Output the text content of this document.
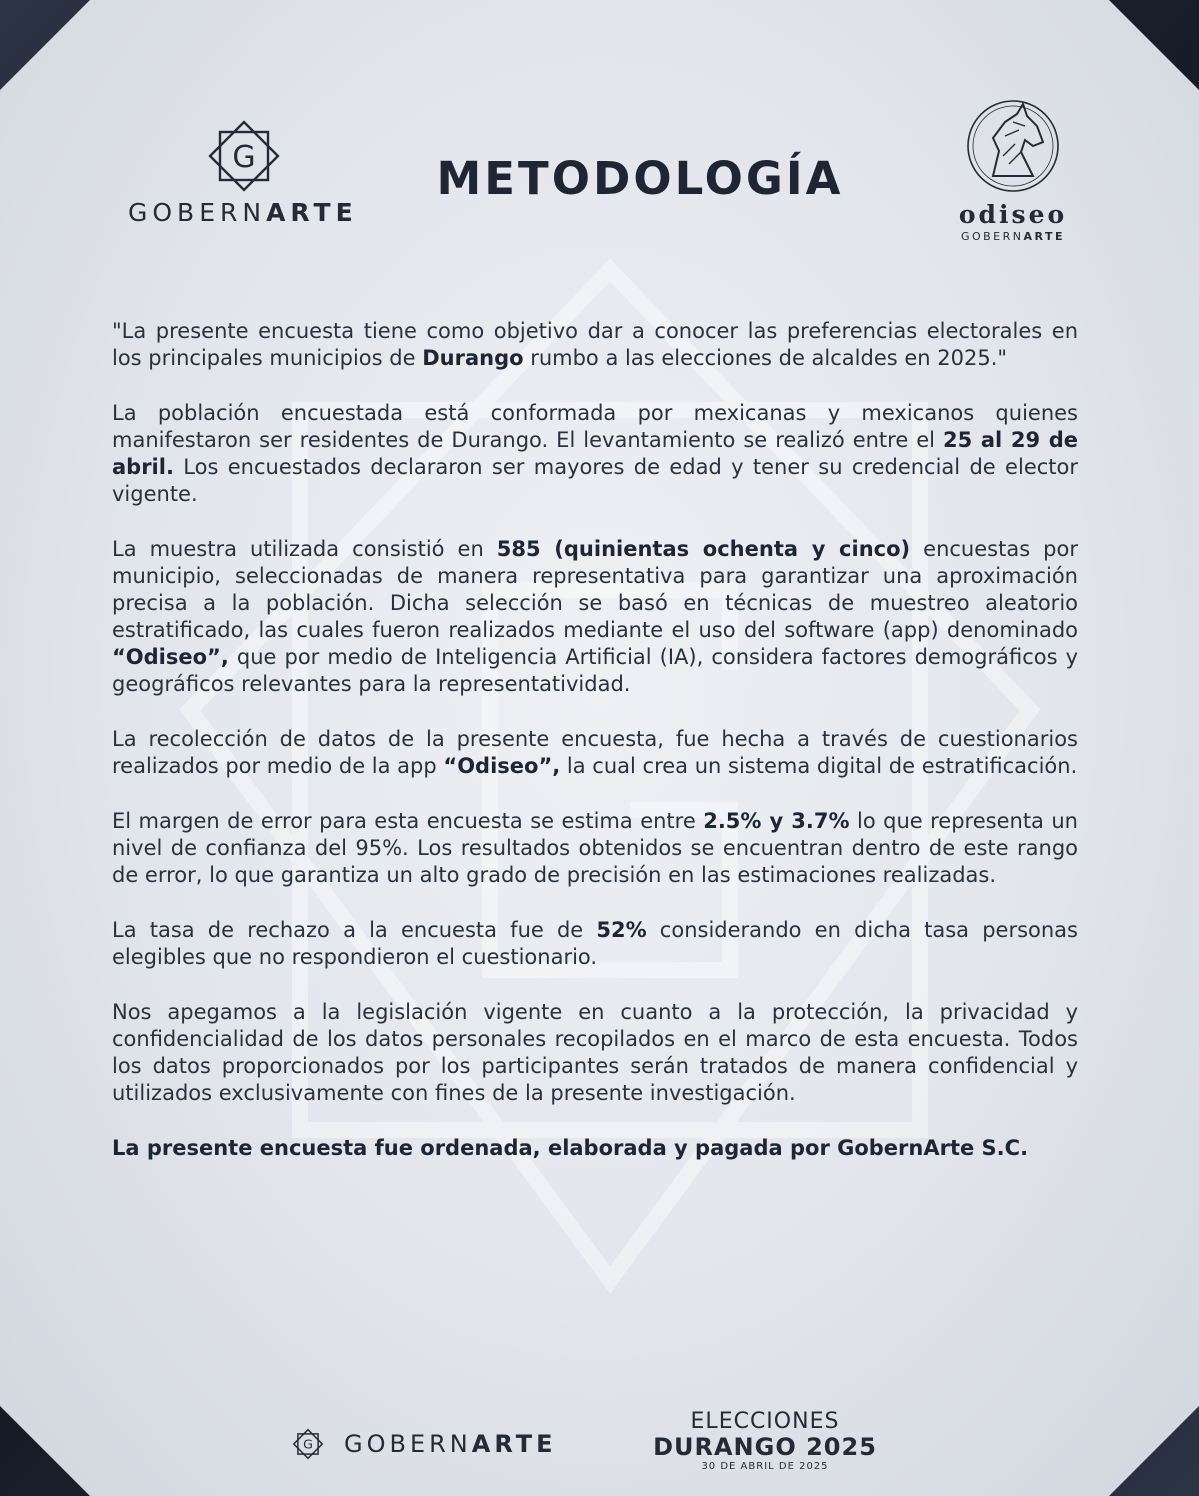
G
GOBERNARTE
METODOLOGÍA
odiseo
GOBERNARTE

"La presente encuesta tiene como objetivo dar a conocer las preferencias electorales en los principales municipios de Durango rumbo a las elecciones de alcaldes en 2025."

La población encuestada está conformada por mexicanas y mexicanos quienes manifestaron ser residentes de Durango. El levantamiento se realizó entre el 25 al 29 de abril. Los encuestados declararon ser mayores de edad y tener su credencial de elector vigente.

La muestra utilizada consistió en 585 (quinientas ochenta y cinco) encuestas por municipio, seleccionadas de manera representativa para garantizar una aproximación precisa a la población. Dicha selección se basó en técnicas de muestreo aleatorio estratificado, las cuales fueron realizados mediante el uso del software (app) denominado “Odiseo”, que por medio de Inteligencia Artificial (IA), considera factores demográficos y geográficos relevantes para la representatividad.

La recolección de datos de la presente encuesta, fue hecha a través de cuestionarios realizados por medio de la app “Odiseo”, la cual crea un sistema digital de estratificación.

El margen de error para esta encuesta se estima entre 2.5% y 3.7% lo que representa un nivel de confianza del 95%. Los resultados obtenidos se encuentran dentro de este rango de error, lo que garantiza un alto grado de precisión en las estimaciones realizadas.

La tasa de rechazo a la encuesta fue de 52% considerando en dicha tasa personas elegibles que no respondieron el cuestionario.

Nos apegamos a la legislación vigente en cuanto a la protección, la privacidad y confidencialidad de los datos personales recopilados en el marco de esta encuesta. Todos los datos proporcionados por los participantes serán tratados de manera confidencial y utilizados exclusivamente con fines de la presente investigación.

La presente encuesta fue ordenada, elaborada y pagada por GobernArte S.C.

G	GOBERNARTE
ELECCIONES
DURANGO 2025
30 DE ABRIL DE 2025
